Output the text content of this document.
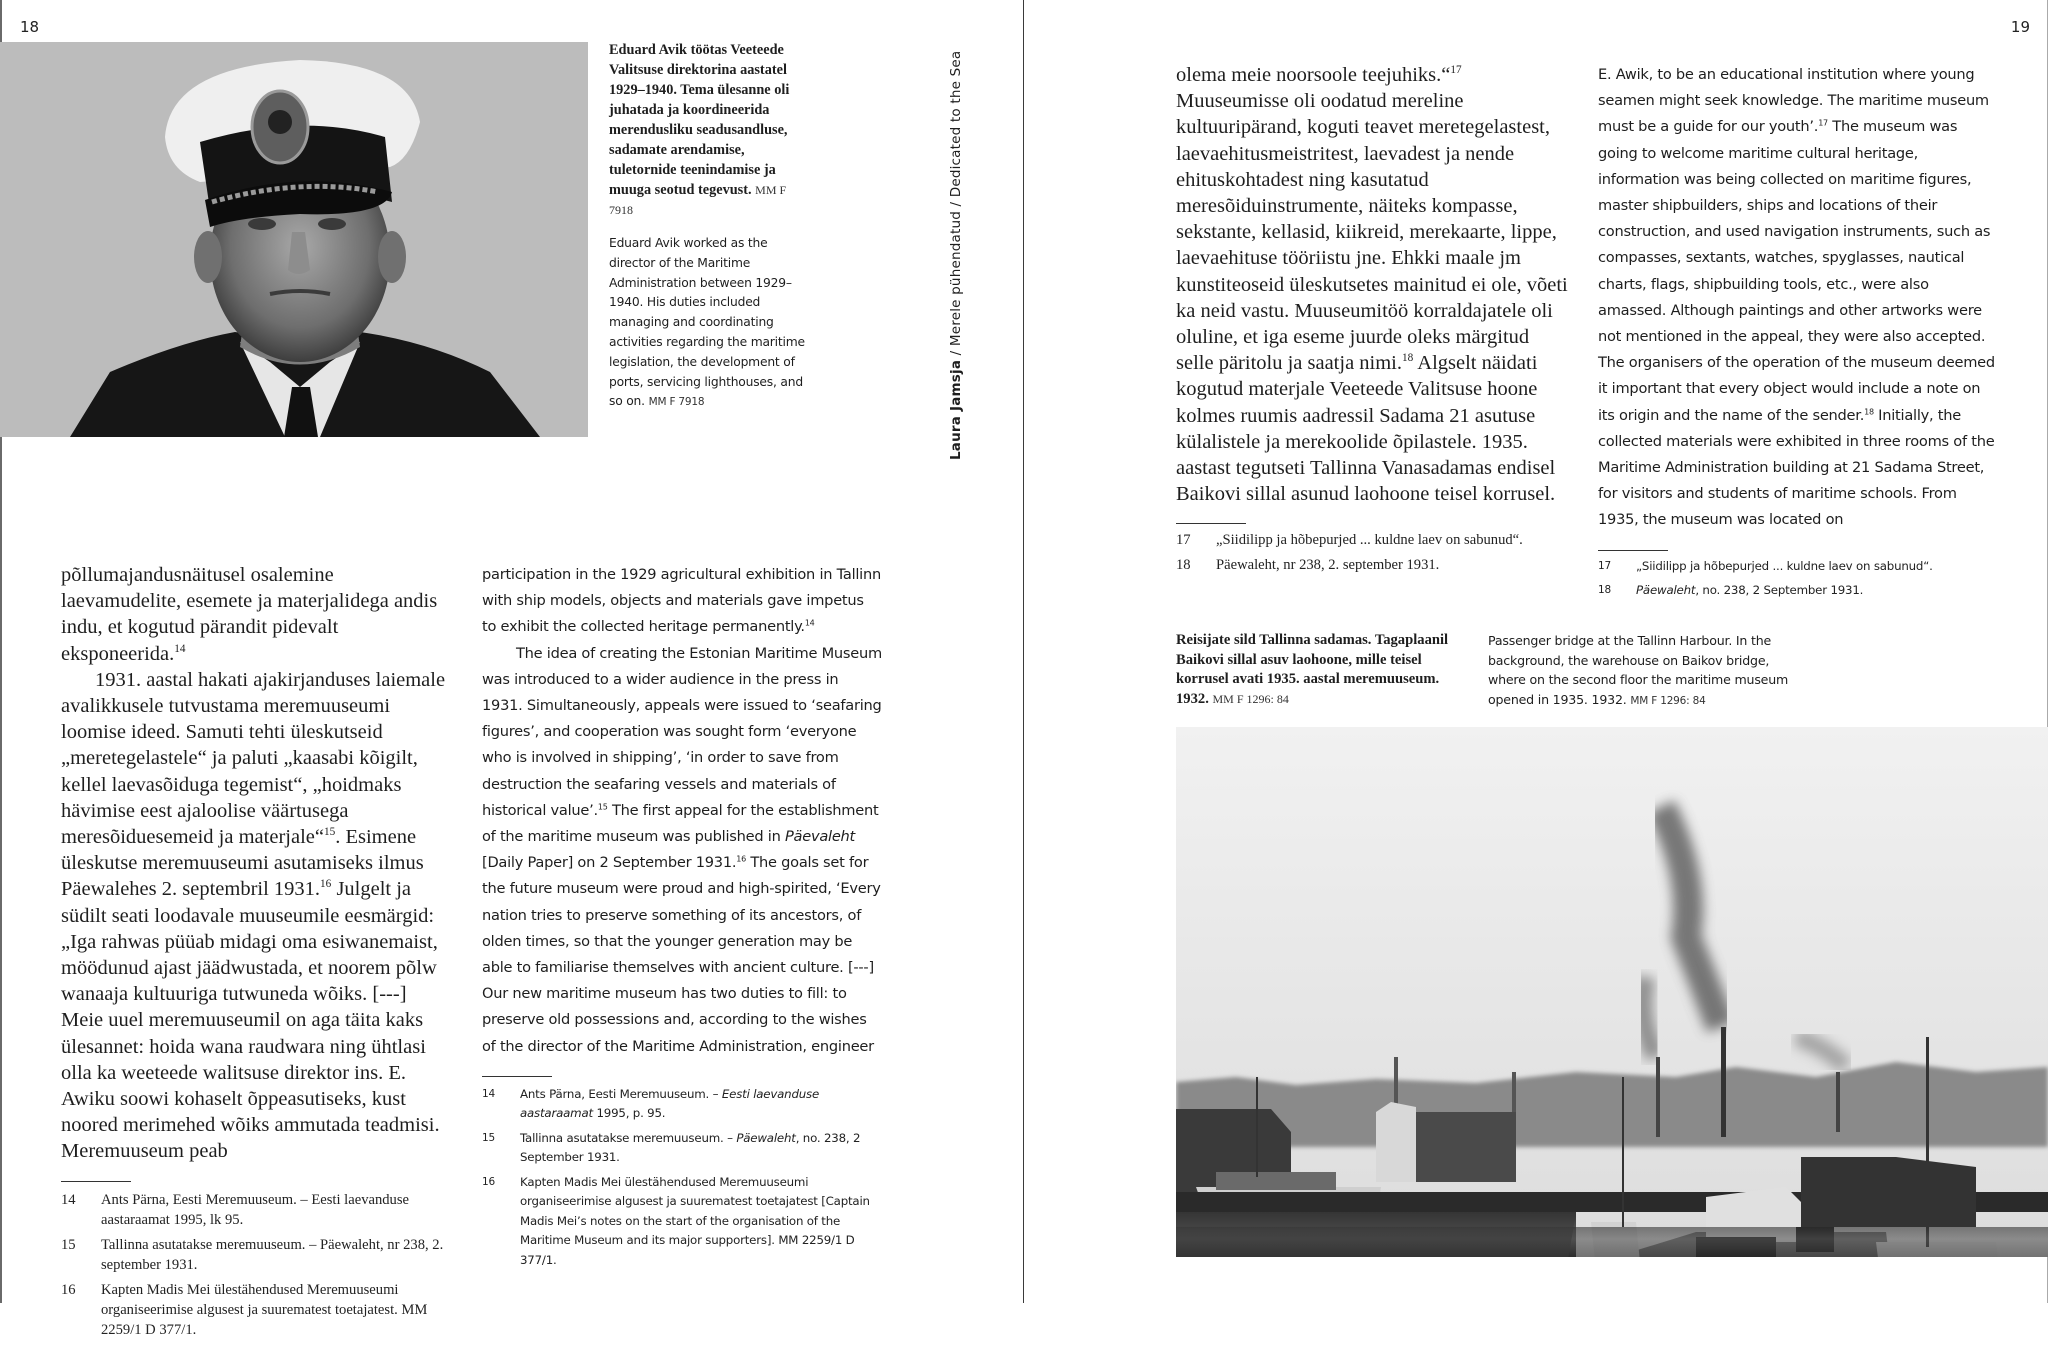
18
Eduard Avik töötas Veeteede Valitsuse direktorina aastatel 1929–1940. Tema ülesanne oli juhatada ja koordineerida merendusliku seadusandluse, sadamate arendamise, tuletornide teenindamise ja muuga seotud tegevust. MM F 7918
Eduard Avik worked as the director of the Maritime Administration between 1929–1940. His duties included managing and coordinating activities regarding the maritime legislation, the development of ports, servicing lighthouses, and so on. MM F 7918	Laura Jamsja / Merele pühendatud / Dedicated to the Sea

põllumajandusnäitusel osalemine laevamudelite, esemete ja materjalidega andis indu, et kogutud pärandit pidevalt eksponeerida.$^{14}$

1931. aastal hakati ajakirjanduses laiemale avalikkusele tutvustama meremuuseumi loomise ideed. Samuti tehti üleskutseid „meretegelastele“ ja paluti „kaasabi kõigilt, kellel laevasõiduga tegemist“, „hoidmaks hävimise eest ajaloolise väärtusega meresõiduesemeid ja materjale“$^{15}$. Esimene üleskutse meremuuseumi asutamiseks ilmus Päewalehes 2. septembril 1931.16 Julgelt ja südilt seati loodavale muuseumile eesmärgid: „Iga rahwas püüab midagi oma esiwanemaist, möödunud ajast jäädwustada, et noorem põlw wanaaja kultuuriga tutwuneda wõiks. [---] Meie uuel meremuuseumil on aga täita kaks ülesannet: hoida wana raudwara ning ühtlasi olla ka weeteede walitsuse direktor ins. E. Awiku soowi kohaselt õppeasutiseks, kust noored merimehed wõiks ammutada teadmisi. Meremuuseum peab

14	Ants Pärna, Eesti Meremuuseum. – Eesti laevanduse aastaraamat 1995, lk 95.
15	Tallinna asutatakse meremuuseum. – Päewaleht, nr 238, 2. september 1931.
16	Kapten Madis Mei ülestähendused Meremuuseumi organiseerimise algusest ja suurematest toetajatest. MM 2259/1 D 377/1.

participation in the 1929 agricultural exhibition in Tallinn with ship models, objects and materials gave impetus to exhibit the collected heritage permanently.$^{14}$

The idea of creating the Estonian Maritime Museum was introduced to a wider audience in the press in 1931. Simultaneously, appeals were issued to ‘seafaring figures’, and cooperation was sought form ‘everyone who is involved in shipping’, ‘in order to save from destruction the seafaring vessels and materials of historical value’.$^{15}$ The first appeal for the establishment of the maritime museum was published in Päevaleht [Daily Paper] on 2 September 1931.16 The goals set for the future museum were proud and high-spirited, ‘Every nation tries to preserve something of its ancestors, of olden times, so that the younger generation may be able to familiarise themselves with ancient culture. [---] Our new maritime museum has two duties to fill: to preserve old possessions and, according to the wishes of the director of the Maritime Administration, engineer

14	Ants Pärna, Eesti Meremuuseum. – Eesti laevanduse aastaraamat 1995, p. 95.
15	Tallinna asutatakse meremuuseum. – Päewaleht, no. 238, 2 September 1931.
16	Kapten Madis Mei ülestähendused Meremuuseumi organiseerimise algusest ja suurematest toetajatest [Captain Madis Mei’s notes on the start of the organisation of the Maritime Museum and its major supporters]. MM 2259/1 D 377/1.
19

olema meie noorsoole teejuhiks.“$^{17}$ Muuseumisse oli oodatud mereline kultuuripärand, koguti teavet meretegelastest, laevaehitusmeistritest, laevadest ja nende ehituskohtadest ning kasutatud meresõiduinstrumente, näiteks kompasse, sekstante, kellasid, kiikreid, merekaarte, lippe, laevaehituse tööriistu jne. Ehkki maale jm kunstiteoseid üleskutsetes mainitud ei ole, võeti ka neid vastu. Muuseumitöö korraldajatele oli oluline, et iga eseme juurde oleks märgitud selle päritolu ja saatja nimi.$^{18}$ Algselt näidati kogutud materjale Veeteede Valitsuse hoone kolmes ruumis aadressil Sadama 21 asutuse külalistele ja merekoolide õpilastele. 1935. aastast tegutseti Tallinna Vanasadamas endisel Baikovi sillal asunud laohoone teisel korrusel.

17	„Siidilipp ja hõbepurjed ... kuldne laev on sabunud“.
18	Päewaleht, nr 238, 2. september 1931.

E. Awik, to be an educational institution where young seamen might seek knowledge. The maritime museum must be a guide for our youth’.$^{17}$ The museum was going to welcome maritime cultural heritage, information was being collected on maritime figures, master shipbuilders, ships and locations of their construction, and used navigation instruments, such as compasses, sextants, watches, spyglasses, nautical charts, flags, shipbuilding tools, etc., were also amassed. Although paintings and other artworks were not mentioned in the appeal, they were also accepted. The organisers of the operation of the museum deemed it important that every object would include a note on its origin and the name of the sender.$^{18}$ Initially, the collected materials were exhibited in three rooms of the Maritime Administration building at 21 Sadama Street, for visitors and students of maritime schools. From 1935, the museum was located on

17	„Siidilipp ja hõbepurjed ... kuldne laev on sabunud“.
18	Päewaleht, no. 238, 2 September 1931.
Reisijate sild Tallinna sadamas. Tagaplaanil Baikovi sillal asuv laohoone, mille teisel korrusel avati 1935. aastal meremuuseum. 1932. MM F 1296: 84
Passenger bridge at the Tallinn Harbour. In the background, the warehouse on Baikov bridge, where on the second floor the maritime museum opened in 1935. 1932. MM F 1296: 84
